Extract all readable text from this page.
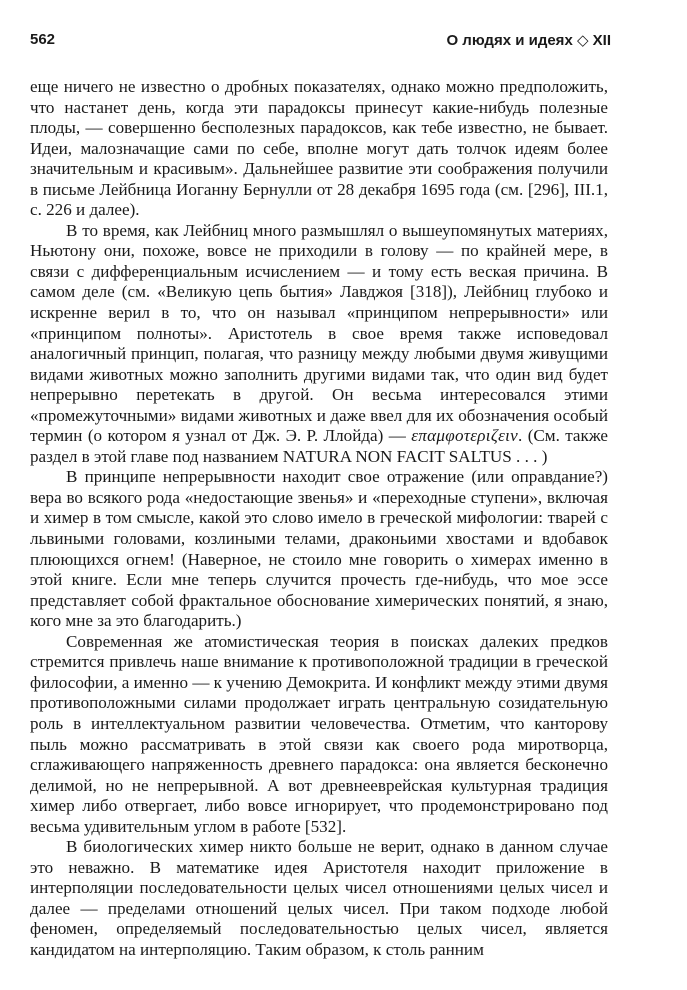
562	О людях и идеях ◇ XII

еще ничего не известно о дробных показателях, однако можно предположить, что настанет день, когда эти парадоксы принесут какие-нибудь полезные плоды, — совершенно бесполезных парадоксов, как тебе известно, не бывает. Идеи, малозначащие сами по себе, вполне могут дать толчок идеям более значительным и красивым». Дальнейшее развитие эти соображения получили в письме Лейбница Иоганну Бернулли от 28 декабря 1695 года (см. [296], III.1, с. 226 и далее).

В то время, как Лейбниц много размышлял о вышеупомянутых материях, Ньютону они, похоже, вовсе не приходили в голову — по крайней мере, в связи с дифференциальным исчислением — и тому есть веская причина. В самом деле (см. «Великую цепь бытия» Лавджоя [318]), Лейбниц глубоко и искренне верил в то, что он называл «принципом непрерывности» или «принципом полноты». Аристотель в свое время также исповедовал аналогичный принцип, полагая, что разницу между любыми двумя живущими видами животных можно заполнить другими видами так, что один вид будет непрерывно перетекать в другой. Он весьма интересовался этими «промежуточными» видами животных и даже ввел для их обозначения особый термин (о котором я узнал от Дж. Э. Р. Ллойда) — επαμφοτεριζειν. (См. также раздел в этой главе под названием NATURA NON FACIT SALTUS . . . )

В принципе непрерывности находит свое отражение (или оправдание?) вера во всякого рода «недостающие звенья» и «переходные ступени», включая и химер в том смысле, какой это слово имело в греческой мифологии: тварей с львиными головами, козлиными телами, драконьими хвостами и вдобавок плюющихся огнем! (Наверное, не стоило мне говорить о химерах именно в этой книге. Если мне теперь случится прочесть где-нибудь, что мое эссе представляет собой фрактальное обоснование химерических понятий, я знаю, кого мне за это благодарить.)

Современная же атомистическая теория в поисках далеких предков стремится привлечь наше внимание к противоположной традиции в греческой философии, а именно — к учению Демокрита. И конфликт между этими двумя противоположными силами продолжает играть центральную созидательную роль в интеллектуальном развитии человечества. Отметим, что канторову пыль можно рассматривать в этой связи как своего рода миротворца, сглаживающего напряженность древнего парадокса: она является бесконечно делимой, но не непрерывной. А вот древнееврейская культурная традиция химер либо отвергает, либо вовсе игнорирует, что продемонстрировано под весьма удивительным углом в работе [532].

В биологических химер никто больше не верит, однако в данном случае это неважно. В математике идея Аристотеля находит приложение в интерполяции последовательности целых чисел отношениями целых чисел и далее — пределами отношений целых чисел. При таком подходе любой феномен, определяемый последовательностью целых чисел, является кандидатом на интерполяцию. Таким образом, к столь ранним
